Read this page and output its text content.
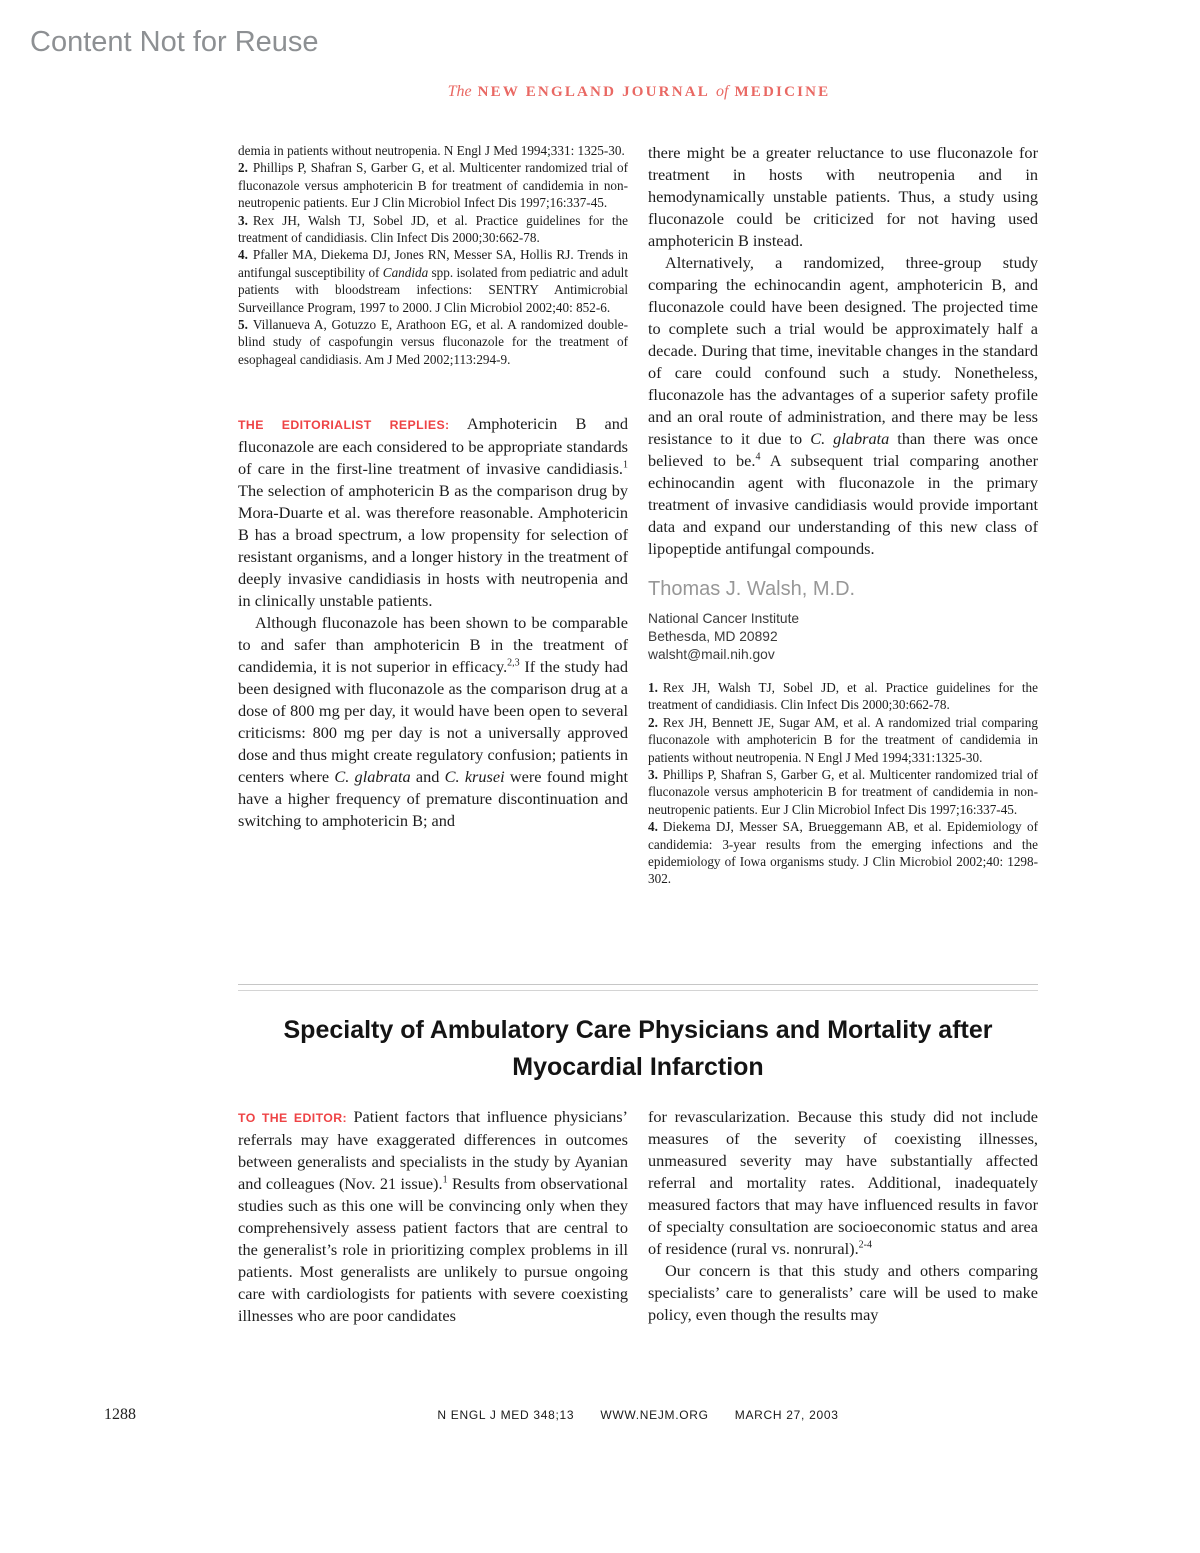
Content Not for Reuse
The NEW ENGLAND JOURNAL of MEDICINE

demia in patients without neutropenia. N Engl J Med 1994;331: 1325-30.

2. Phillips P, Shafran S, Garber G, et al. Multicenter randomized trial of fluconazole versus amphotericin B for treatment of candidemia in non-neutropenic patients. Eur J Clin Microbiol Infect Dis 1997;16:337-45.

3. Rex JH, Walsh TJ, Sobel JD, et al. Practice guidelines for the treatment of candidiasis. Clin Infect Dis 2000;30:662-78.

4. Pfaller MA, Diekema DJ, Jones RN, Messer SA, Hollis RJ. Trends in antifungal susceptibility of Candida spp. isolated from pediatric and adult patients with bloodstream infections: SENTRY Antimicrobial Surveillance Program, 1997 to 2000. J Clin Microbiol 2002;40: 852-6.

5. Villanueva A, Gotuzzo E, Arathoon EG, et al. A randomized double-blind study of caspofungin versus fluconazole for the treatment of esophageal candidiasis. Am J Med 2002;113:294-9.

THE EDITORIALIST REPLIES: Amphotericin B and fluconazole are each considered to be appropriate standards of care in the first-line treatment of invasive candidiasis.$^1$ The selection of amphotericin B as the comparison drug by Mora-Duarte et al. was therefore reasonable. Amphotericin B has a broad spectrum, a low propensity for selection of resistant organisms, and a longer history in the treatment of deeply invasive candidiasis in hosts with neutropenia and in clinically unstable patients.

Although fluconazole has been shown to be comparable to and safer than amphotericin B in the treatment of candidemia, it is not superior in efficacy.$^{2,3}$ If the study had been designed with fluconazole as the comparison drug at a dose of 800 mg per day, it would have been open to several criticisms: 800 mg per day is not a universally approved dose and thus might create regulatory confusion; patients in centers where C. glabrata and C. krusei were found might have a higher frequency of premature discontinuation and switching to amphotericin B; and

there might be a greater reluctance to use fluconazole for treatment in hosts with neutropenia and in hemodynamically unstable patients. Thus, a study using fluconazole could be criticized for not having used amphotericin B instead.

Alternatively, a randomized, three-group study comparing the echinocandin agent, amphotericin B, and fluconazole could have been designed. The projected time to complete such a trial would be approximately half a decade. During that time, inevitable changes in the standard of care could confound such a study. Nonetheless, fluconazole has the advantages of a superior safety profile and an oral route of administration, and there may be less resistance to it due to C. glabrata than there was once believed to be.$^4$ A subsequent trial comparing another echinocandin agent with fluconazole in the primary treatment of invasive candidiasis would provide important data and expand our understanding of this new class of lipopeptide antifungal compounds.

Thomas J. Walsh, M.D.
National Cancer Institute
Bethesda, MD 20892
walsht@mail.nih.gov

1. Rex JH, Walsh TJ, Sobel JD, et al. Practice guidelines for the treatment of candidiasis. Clin Infect Dis 2000;30:662-78.

2. Rex JH, Bennett JE, Sugar AM, et al. A randomized trial comparing fluconazole with amphotericin B for the treatment of candidemia in patients without neutropenia. N Engl J Med 1994;331:1325-30.

3. Phillips P, Shafran S, Garber G, et al. Multicenter randomized trial of fluconazole versus amphotericin B for treatment of candidemia in non-neutropenic patients. Eur J Clin Microbiol Infect Dis 1997;16:337-45.

4. Diekema DJ, Messer SA, Brueggemann AB, et al. Epidemiology of candidemia: 3-year results from the emerging infections and the epidemiology of Iowa organisms study. J Clin Microbiol 2002;40: 1298-302.

Specialty of Ambulatory Care Physicians and Mortality after Myocardial Infarction

TO THE EDITOR: Patient factors that influence physicians’ referrals may have exaggerated differences in outcomes between generalists and specialists in the study by Ayanian and colleagues (Nov. 21 issue).$^1$ Results from observational studies such as this one will be convincing only when they comprehensively assess patient factors that are central to the generalist’s role in prioritizing complex problems in ill patients. Most generalists are unlikely to pursue ongoing care with cardiologists for patients with severe coexisting illnesses who are poor candidates

for revascularization. Because this study did not include measures of the severity of coexisting illnesses, unmeasured severity may have substantially affected referral and mortality rates. Additional, inadequately measured factors that may have influenced results in favor of specialty consultation are socioeconomic status and area of residence (rural vs. nonrural).$^{2-4}$

Our concern is that this study and others comparing specialists’ care to generalists’ care will be used to make policy, even though the results may

1288	N ENGL J MED 348;13 WWW.NEJM.ORG MARCH 27, 2003
